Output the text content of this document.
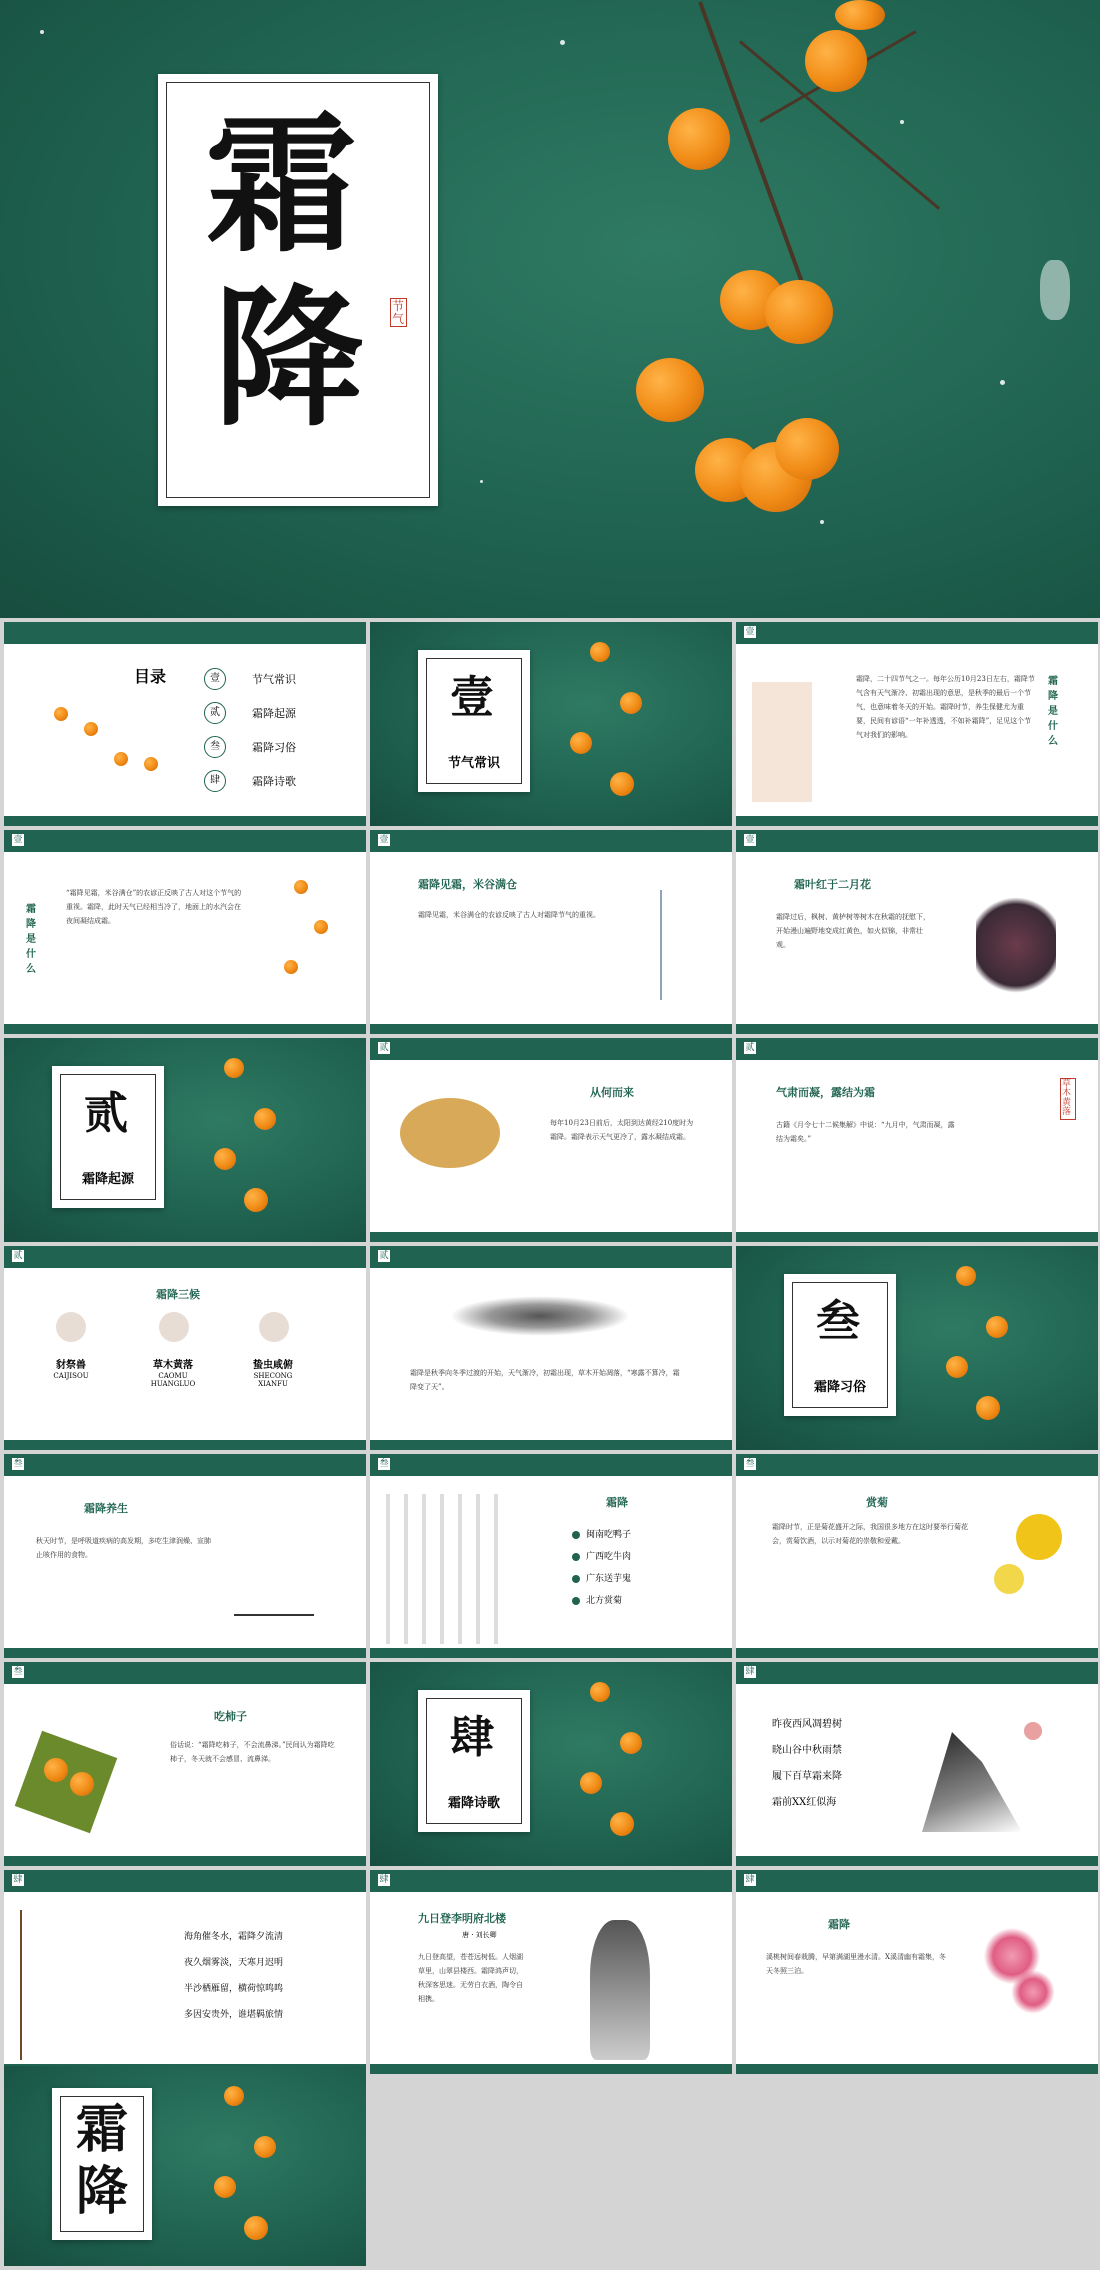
霜
降 节气
目录	壹	节气常识
贰	霜降起源
叁	霜降习俗
肆	霜降诗歌
壹
节气常识
壹
霜降，二十四节气之一。每年公历10月23日左右，霜降节气含有天气渐冷、初霜出现的意思，是秋季的最后一个节气，也意味着冬天的开始。霜降时节，养生保健尤为重要，民间有谚语“一年补透透，不如补霜降”，足见这个节气对我们的影响。
霜降是什么
壹
霜降是什么
“霜降见霜，米谷满仓”的农谚正反映了古人对这个节气的重视。霜降，此时天气已经相当冷了，地面上的水汽会在夜间凝结成霜。
壹
霜降见霜，米谷满仓
霜降见霜，米谷满仓的农谚反映了古人对霜降节气的重视。
壹
霜叶红于二月花
霜降过后，枫树、黄栌树等树木在秋霜的抚慰下，开始漫山遍野地变成红黄色，如火似锦，非常壮观。
贰
霜降起源
贰
从何而来
每年10月23日前后，太阳到达黄经210度时为霜降。霜降表示天气更冷了，露水凝结成霜。
贰
气肃而凝，露结为霜
古籍《月令七十二候集解》中说：“九月中，气肃而凝，露结为霜矣。”
草木黄落
贰
霜降三候
豺祭兽
CAIJISOU
草木黄落
CAOMU
HUANGLUO
蛰虫咸俯
SHECONG
XIANFU
贰
霜降是秋季向冬季过渡的开始，天气渐冷，初霜出现，草木开始凋落，“寒露不算冷，霜降变了天”。
叁
霜降习俗
叁
霜降养生
秋天时节，是呼吸道疾病的高发期，多吃生津润燥、宣肺止咳作用的食物。
叁
霜降
闽南吃鸭子
广西吃牛肉
广东送芋鬼
北方赏菊
叁
赏菊
霜降时节，正是菊花盛开之际，我国很多地方在这时要举行菊花会，赏菊饮酒，以示对菊花的崇敬和爱戴。
叁
吃柿子
俗话说：“霜降吃柿子，不会流鼻涕。”民间认为霜降吃柿子，冬天就不会感冒、流鼻涕。	肆
霜降诗歌
肆
昨夜西风凋碧树
晓山谷中秋雨禁
履下百草霜来降
霜前XX红似海
肆
海角催冬水，霜降夕流清
夜久烟雾淡，天寒月迟明
半沙栖雁留，横荷惊鸣鸣
多因安贵外，谁堪羁旅情
肆
九日登李明府北楼
唐 · 刘长卿
九日登高望，苍苍远树低。人烟湖草里，山翠县楼西。霜降鸿声切，秋深客思迷。无劳白衣酒，陶令自相携。
肆
霜降
溪桃树间春栽腾，早第满湖里漫水清。X溪清幽有霜集，冬天冬照三泊。
霜
降
